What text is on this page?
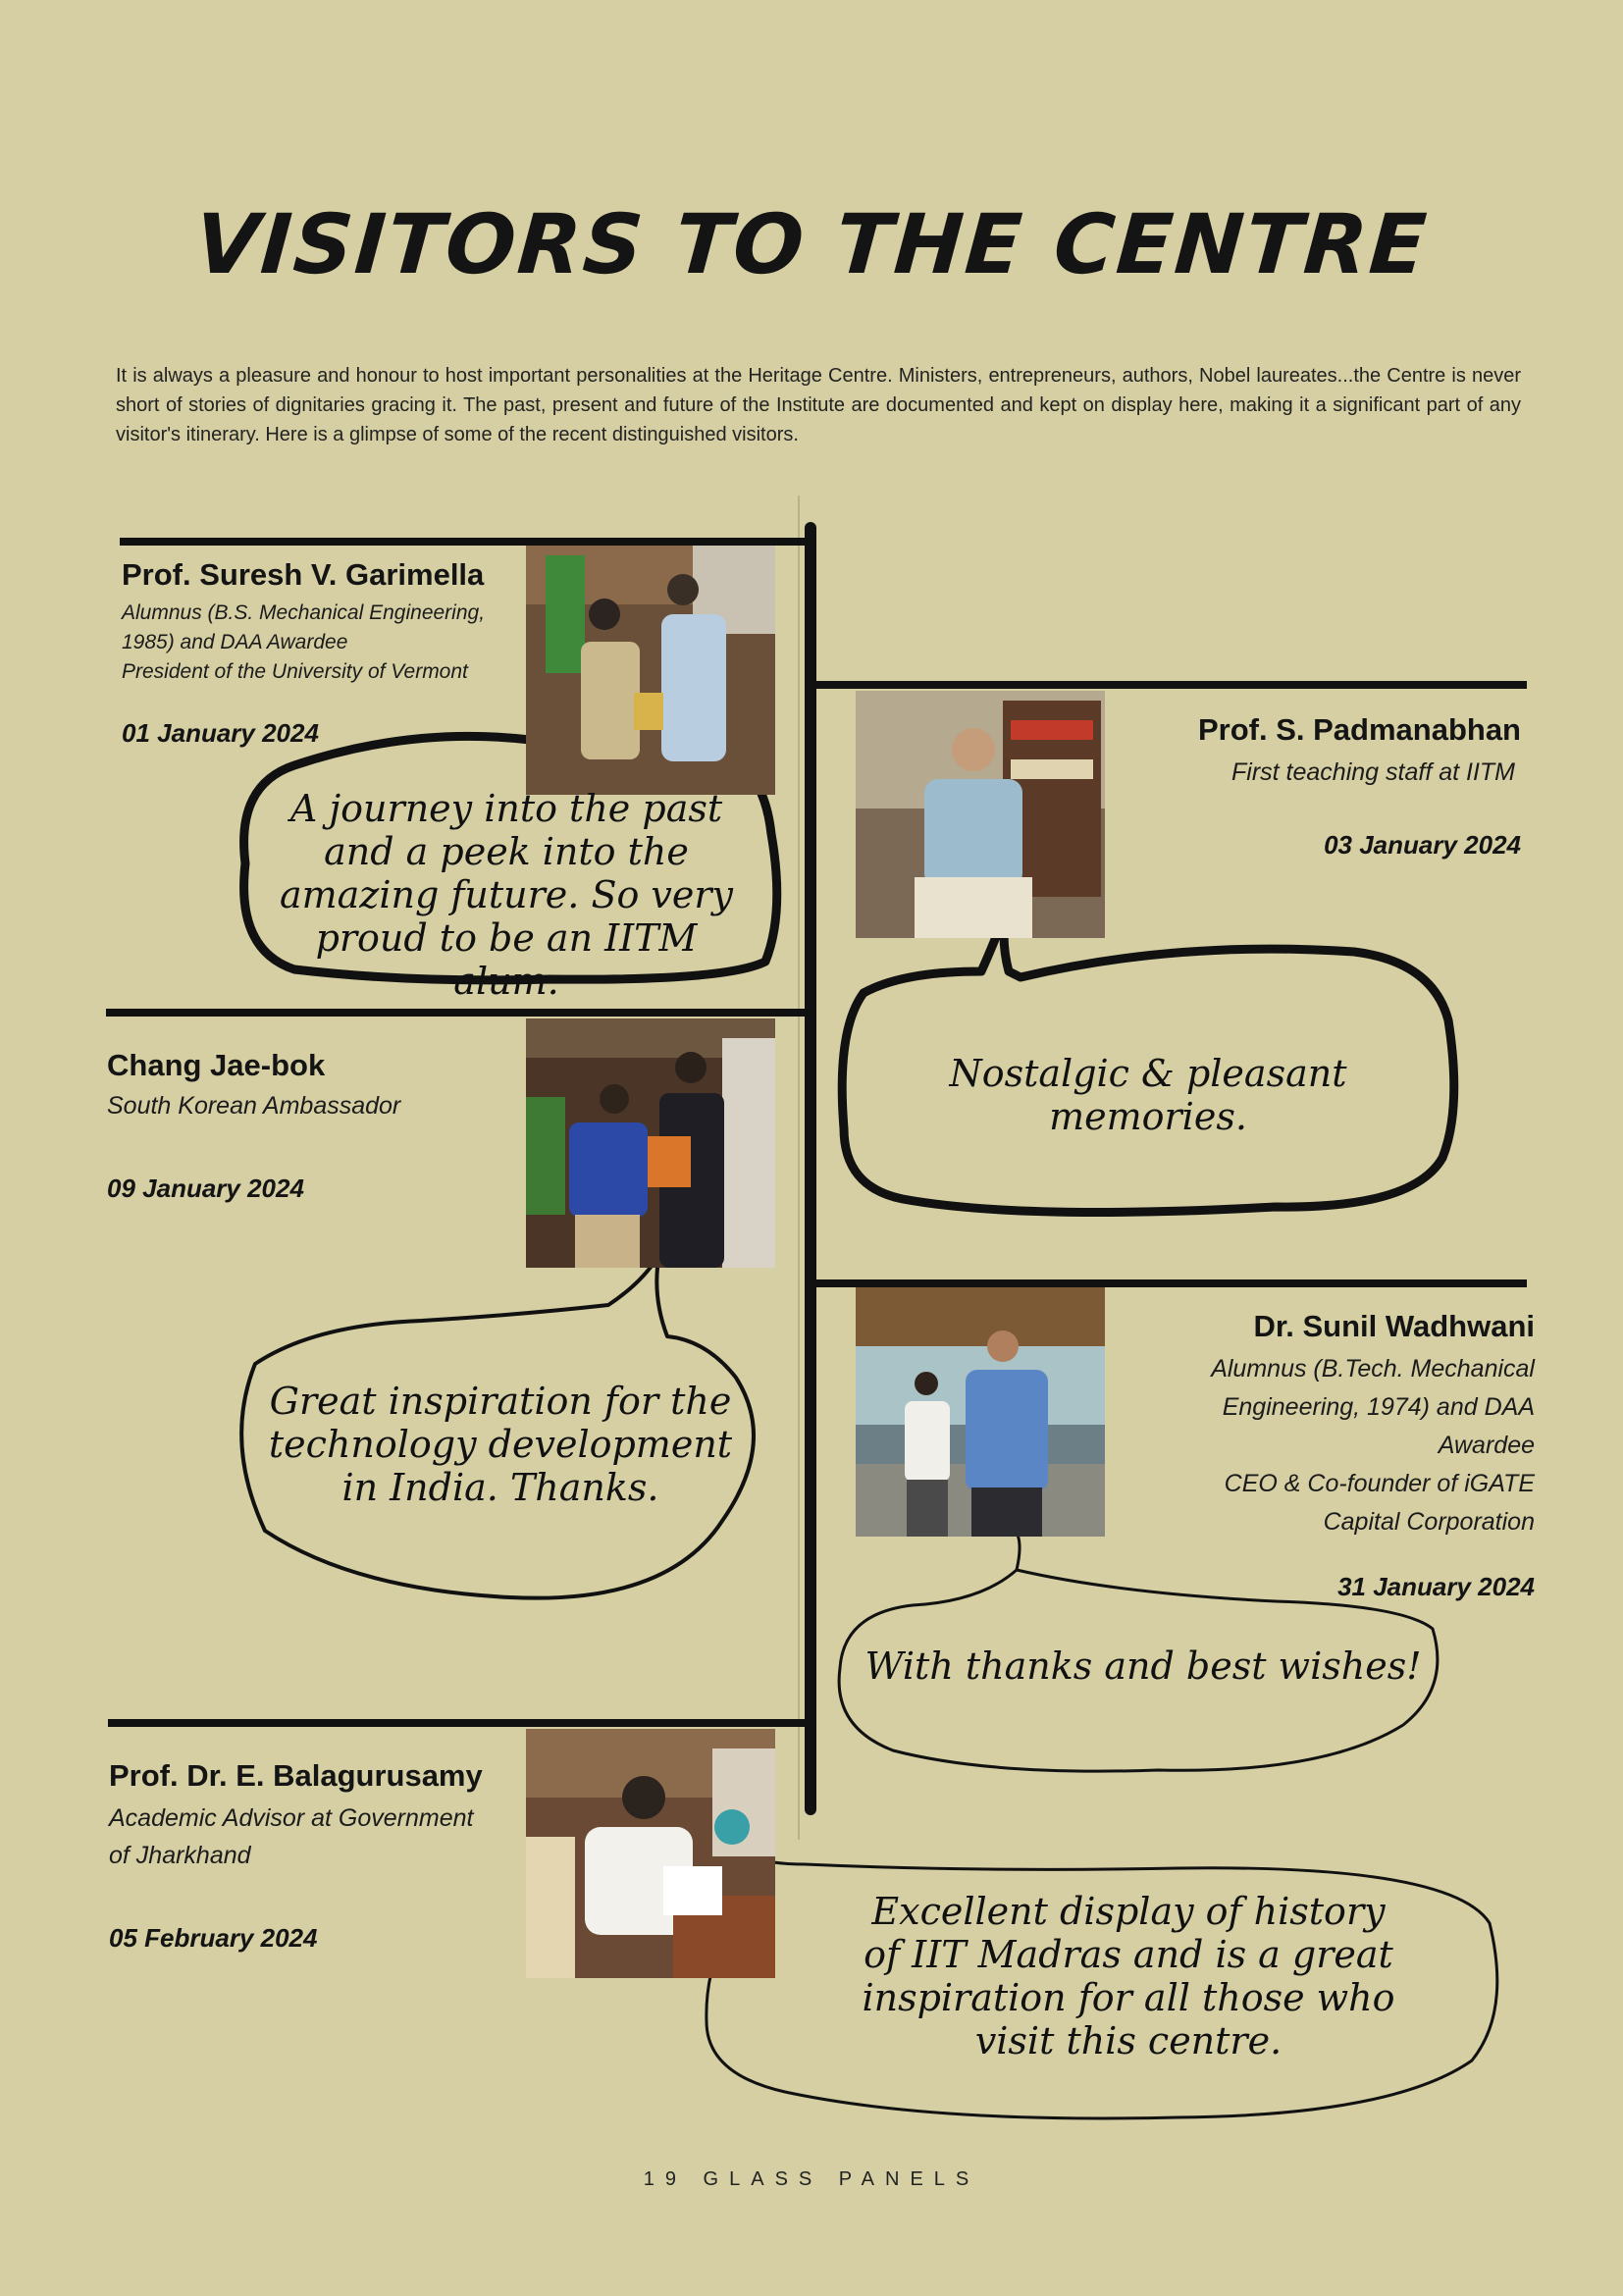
VISITORS TO THE CENTRE
It is always a pleasure and honour to host important personalities at the Heritage Centre. Ministers, entrepreneurs, authors, Nobel laureates...the Centre is never short of stories of dignitaries gracing it. The past, present and future of the Institute are documented and kept on display here, making it a significant part of any visitor's itinerary. Here is a glimpse of some of the recent distinguished visitors.
Prof. Suresh V. Garimella
Alumnus (B.S. Mechanical Engineering,
1985) and DAA Awardee
President of the University of Vermont
01 January 2024
A journey into the past and a peek into the amazing future. So very proud to be an IITM alum.
Prof. S. Padmanabhan
First teaching staff at IITM
03 January 2024
Nostalgic & pleasant memories.
Chang Jae-bok
South Korean Ambassador
09 January 2024
Great inspiration for the technology development in India. Thanks.
Dr. Sunil Wadhwani
Alumnus (B.Tech. Mechanical
Engineering, 1974) and DAA
Awardee
CEO & Co-founder of iGATE
Capital Corporation
31 January 2024
With thanks and best wishes!
Prof. Dr. E. Balagurusamy
Academic Advisor at Government
of Jharkhand
05 February 2024
Excellent display of history of IIT Madras and is a great inspiration for all those who visit this centre.
19 GLASS PANELS
